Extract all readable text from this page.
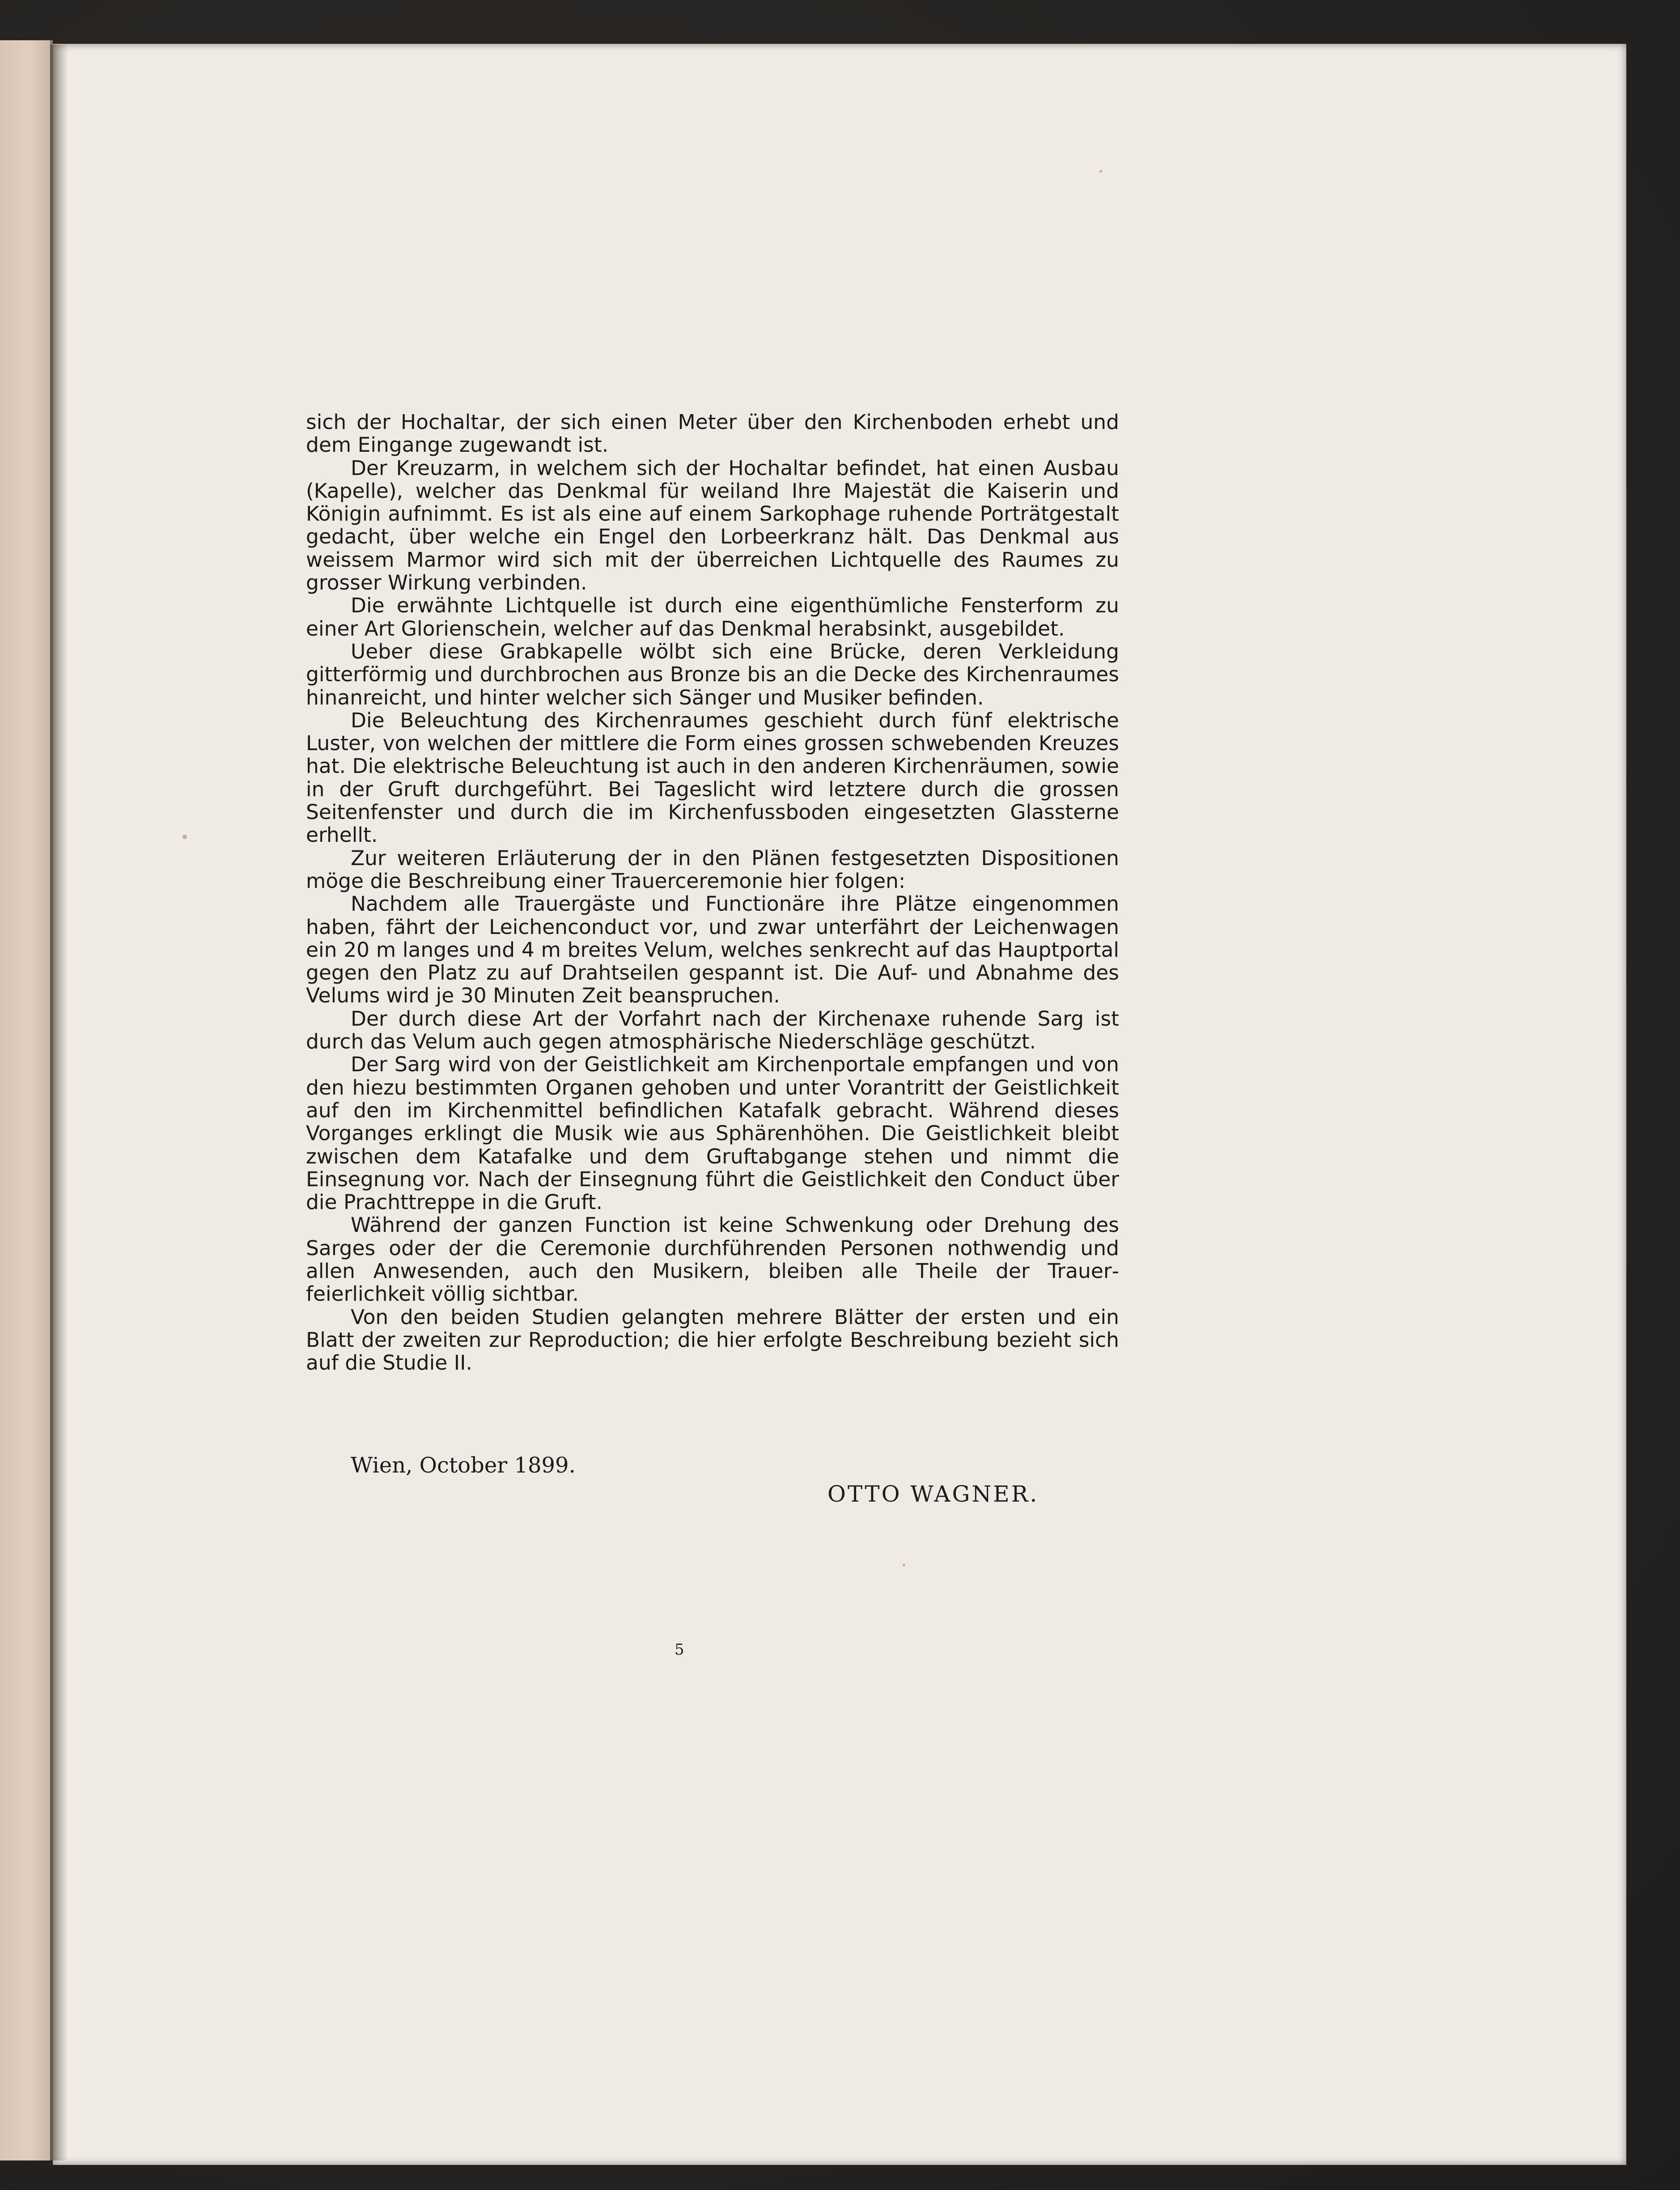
sich der Hochaltar, der sich einen Meter über den Kirchenboden erhebt und dem Eingange zugewandt ist.

Der Kreuzarm, in welchem sich der Hochaltar befindet, hat einen Ausbau (Kapelle), welcher das Denkmal für weiland Ihre Majestät die Kaiserin und Königin aufnimmt. Es ist als eine auf einem Sarkophage ruhende Porträtgestalt gedacht, über welche ein Engel den Lorbeerkranz hält. Das Denkmal aus weissem Marmor wird sich mit der überreichen Lichtquelle des Raumes zu grosser Wirkung verbinden.

Die erwähnte Lichtquelle ist durch eine eigenthümliche Fensterform zu einer Art Glorienschein, welcher auf das Denkmal herabsinkt, ausgebildet.

Ueber diese Grabkapelle wölbt sich eine Brücke, deren Verkleidung gitterförmig und durchbrochen aus Bronze bis an die Decke des Kirchenraumes hinanreicht, und hinter welcher sich Sänger und Musiker befinden.

Die Beleuchtung des Kirchenraumes geschieht durch fünf elektrische Luster, von welchen der mittlere die Form eines grossen schwebenden Kreuzes hat. Die elektrische Beleuchtung ist auch in den anderen Kirchenräumen, sowie in der Gruft durchgeführt. Bei Tageslicht wird letztere durch die grossen Seitenfenster und durch die im Kirchenfussboden eingesetzten Glassterne erhellt.

Zur weiteren Erläuterung der in den Plänen festgesetzten Dispositionen möge die Beschreibung einer Trauerceremonie hier folgen:

Nachdem alle Trauergäste und Functionäre ihre Plätze eingenommen haben, fährt der Leichenconduct vor, und zwar unterfährt der Leichenwagen ein 20 m langes und 4 m breites Velum, welches senkrecht auf das Hauptportal gegen den Platz zu auf Drahtseilen gespannt ist. Die Auf- und Abnahme des Velums wird je 30 Minuten Zeit beanspruchen.

Der durch diese Art der Vorfahrt nach der Kirchenaxe ruhende Sarg ist durch das Velum auch gegen atmosphärische Niederschläge geschützt.

Der Sarg wird von der Geistlichkeit am Kirchenportale empfangen und von den hiezu bestimmten Organen gehoben und unter Vorantritt der Geistlichkeit auf den im Kirchenmittel befindlichen Katafalk gebracht. Während dieses Vorganges erklingt die Musik wie aus Sphärenhöhen. Die Geistlichkeit bleibt zwischen dem Katafalke und dem Gruftabgange stehen und nimmt die Einsegnung vor. Nach der Einsegnung führt die Geistlichkeit den Conduct über die Prachttreppe in die Gruft.

Während der ganzen Function ist keine Schwenkung oder Drehung des Sarges oder der die Ceremonie durchführenden Personen nothwendig und allen Anwesenden, auch den Musikern, bleiben alle Theile der Trauerfeierlichkeit völlig sichtbar.

Von den beiden Studien gelangten mehrere Blätter der ersten und ein Blatt der zweiten zur Reproduction; die hier erfolgte Beschreibung bezieht sich auf die Studie II.

Wien, October 1899.
OTTO WAGNER.
5
